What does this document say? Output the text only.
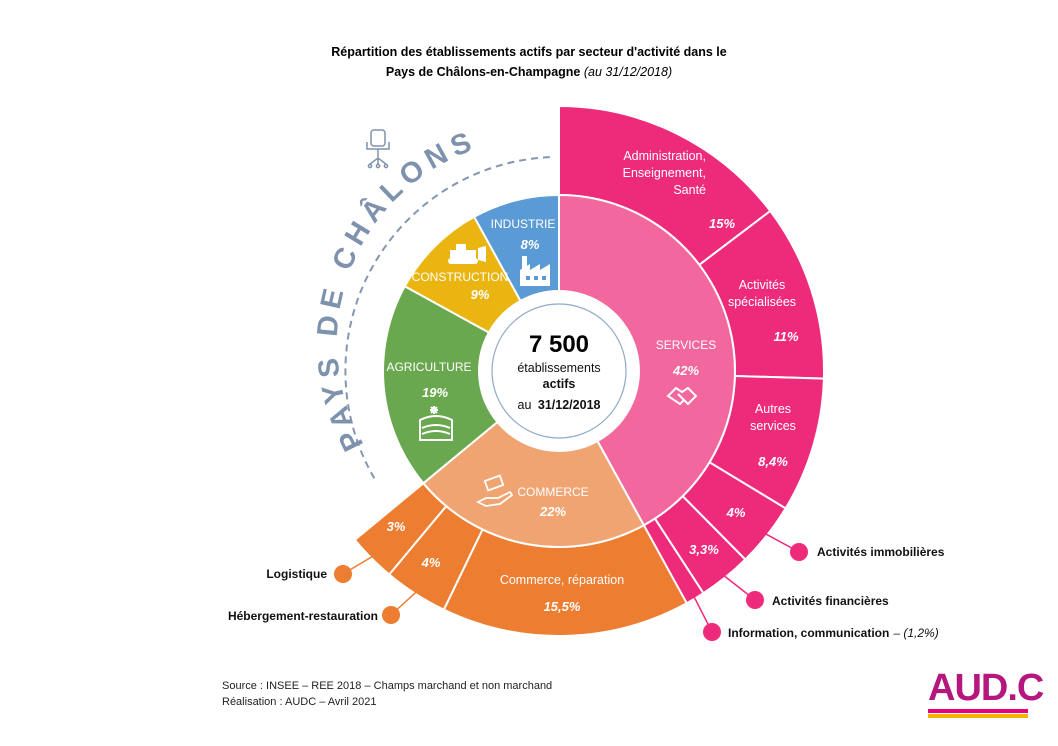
Répartition des établissements actifs par secteur d'activité dans le
Pays de Châlons-en-Champagne (au 31/12/2018)
7 500
établissements
actifs
au 31/12/2018
PAYS DE CHÂLONS
SERVICES
42%
COMMERCE
22%
AGRICULTURE
19%
CONSTRUCTION
9%
INDUSTRIE
8%
Administration, Enseignement, Santé
15%
Activités spécialisées
11%
Autres services
8,4%
4%
3,3%
Commerce, réparation
15,5%
4%
3%
Activités immobilières
Activités financières
Information, communication – (1,2%)
Hébergement-restauration
Logistique
Source : INSEE – REE 2018 – Champs marchand et non marchand
Réalisation : AUDC – Avril 2021	AUD.C
